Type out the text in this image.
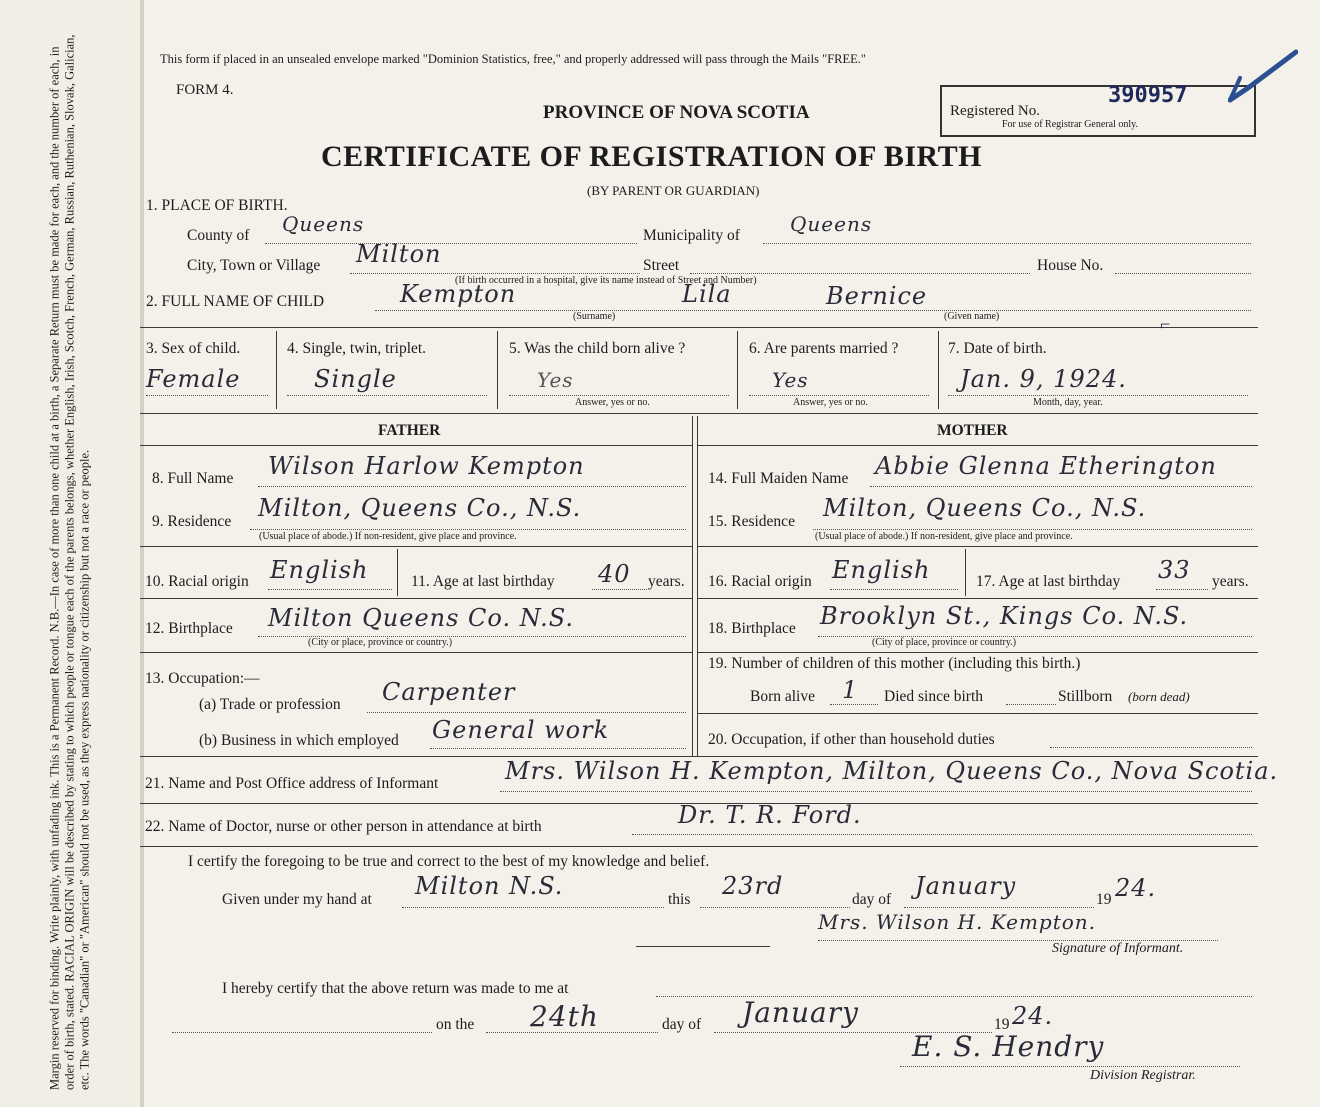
Margin reserved for binding. Write plainly, with unfading ink. This is a Permanent Record. N.B.—In case of more than one child at a birth, a Separate Return must be made for each, and the number of each, in order of birth, stated. RACIAL ORIGIN will be described by stating to which people or tongue each of the parents belongs, whether English, Irish, Scotch, French, German, Russian, Ruthenian, Slovak, Galician, etc. The words "Canadian" or "American" should not be used, as they express nationality or citizenship but not a race or people.
This form if placed in an unsealed envelope marked "Dominion Statistics, free," and properly addressed will pass through the Mails "FREE."
FORM 4.
PROVINCE OF NOVA SCOTIA	Registered No.
390957
For use of Registrar General only.
CERTIFICATE OF REGISTRATION OF BIRTH
(BY PARENT OR GUARDIAN)
1. PLACE OF BIRTH.
County of Queens	Municipality of	Queens
City, Town or Village Milton	Street	House No.
(If birth occurred in a hospital, give its name instead of Street and Number)
2. FULL NAME OF CHILD	Kempton	Lila	Bernice
(Surname)	(Given name)
3. Sex of child.
Female
4. Single, twin, triplet.
Single
5. Was the child born alive ?
Yes
Answer, yes or no.
6. Are parents married ?
Yes
Answer, yes or no.
7. Date of birth.
⌐
Jan. 9, 1924.
Month, day, year.
FATHER	MOTHER
8. Full Name Wilson Harlow Kempton
9. Residence Milton, Queens Co., N.S.
(Usual place of abode.) If non-resident, give place and province.
10. Racial origin English	11. Age at last birthday 40 years.
12. Birthplace Milton Queens Co. N.S.
(City or place, province or country.)
13. Occupation:—
(a) Trade or profession Carpenter
(b) Business in which employed General work
14. Full Maiden Name Abbie Glenna Etherington
15. Residence Milton, Queens Co., N.S.
(Usual place of abode.) If non-resident, give place and province.
16. Racial origin English	17. Age at last birthday 33 years.
18. Birthplace Brooklyn St., Kings Co. N.S.
(City of place, province or country.)
19. Number of children of this mother (including this birth.)
Born alive 1 Died since birth	Stillborn (born dead)
20. Occupation, if other than household duties
21. Name and Post Office address of Informant	Mrs. Wilson H. Kempton, Milton, Queens Co., Nova Scotia.
22. Name of Doctor, nurse or other person in attendance at birth	Dr. T. R. Ford.
I certify the foregoing to be true and correct to the best of my knowledge and belief.
Given under my hand at Milton N.S.	this 23rd	day of January	19 24.
Mrs. Wilson H. Kempton.
Signature of Informant.
I hereby certify that the above return was made to me at
on the 24th	day of January	19 24.
E. S. Hendry
Division Registrar.
